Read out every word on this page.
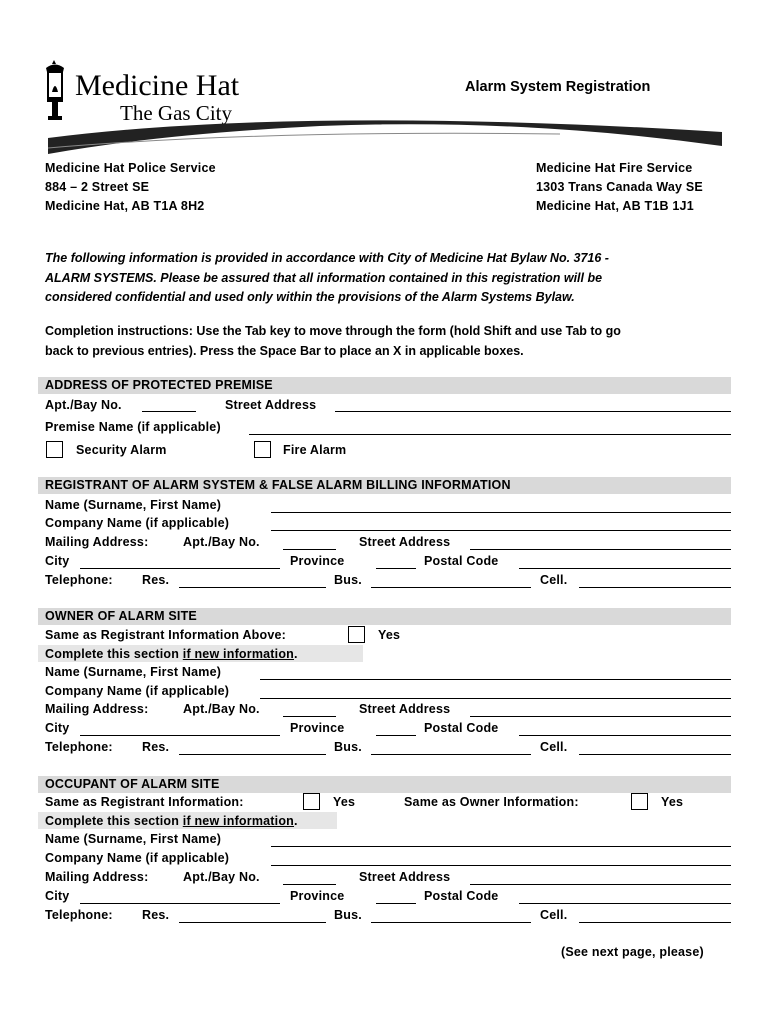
Medicine Hat
The Gas City
Alarm System Registration
Medicine Hat Police Service
884 – 2 Street SE
Medicine Hat, AB T1A 8H2
Medicine Hat Fire Service
1303 Trans Canada Way SE
Medicine Hat, AB T1B 1J1
The following information is provided in accordance with City of Medicine Hat Bylaw No. 3716 -
ALARM SYSTEMS. Please be assured that all information contained in this registration will be
considered confidential and used only within the provisions of the Alarm Systems Bylaw.
Completion instructions: Use the Tab key to move through the form (hold Shift and use Tab to go
back to previous entries). Press the Space Bar to place an X in applicable boxes.
ADDRESS OF PROTECTED PREMISE
Apt./Bay No.	Street Address
Premise Name (if applicable)
Security Alarm	Fire Alarm
REGISTRANT OF ALARM SYSTEM & FALSE ALARM BILLING INFORMATION
Name (Surname, First Name)
Company Name (if applicable)
Mailing Address:	Apt./Bay No.	Street Address
City	Province	Postal Code
Telephone: Res.	Bus.	Cell.
OWNER OF ALARM SITE
Same as Registrant Information Above:	Yes
Complete this section if new information.
Name (Surname, First Name)
Company Name (if applicable)
Mailing Address:	Apt./Bay No.	Street Address
City	Province	Postal Code
Telephone: Res.	Bus.	Cell.
OCCUPANT OF ALARM SITE
Same as Registrant Information:	Yes	Same as Owner Information:	Yes
Complete this section if new information.
Name (Surname, First Name)
Company Name (if applicable)
Mailing Address:	Apt./Bay No.	Street Address
City	Province	Postal Code
Telephone: Res.	Bus.	Cell.
(See next page, please)
